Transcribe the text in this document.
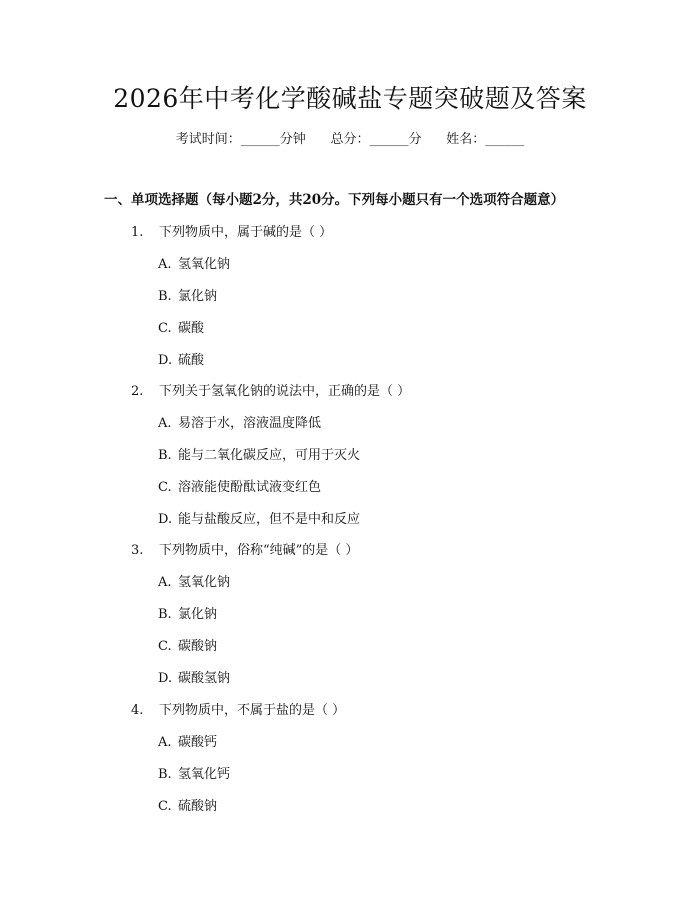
2026年中考化学酸碱盐专题突破题及答案
考试时间：______分钟      总分：______分      姓名：______
一、单项选择题（每小题2分，共20分。下列每小题只有一个选项符合题意）
1. 下列物质中，属于碱的是（ ）
A. 氢氧化钠
B. 氯化钠
C. 碳酸
D. 硫酸
2. 下列关于氢氧化钠的说法中，正确的是（ ）
A. 易溶于水，溶液温度降低
B. 能与二氧化碳反应，可用于灭火
C. 溶液能使酚酞试液变红色
D. 能与盐酸反应，但不是中和反应
3. 下列物质中，俗称“纯碱”的是（ ）
A. 氢氧化钠
B. 氯化钠
C. 碳酸钠
D. 碳酸氢钠
4. 下列物质中，不属于盐的是（ ）
A. 碳酸钙
B. 氢氧化钙
C. 硫酸钠
